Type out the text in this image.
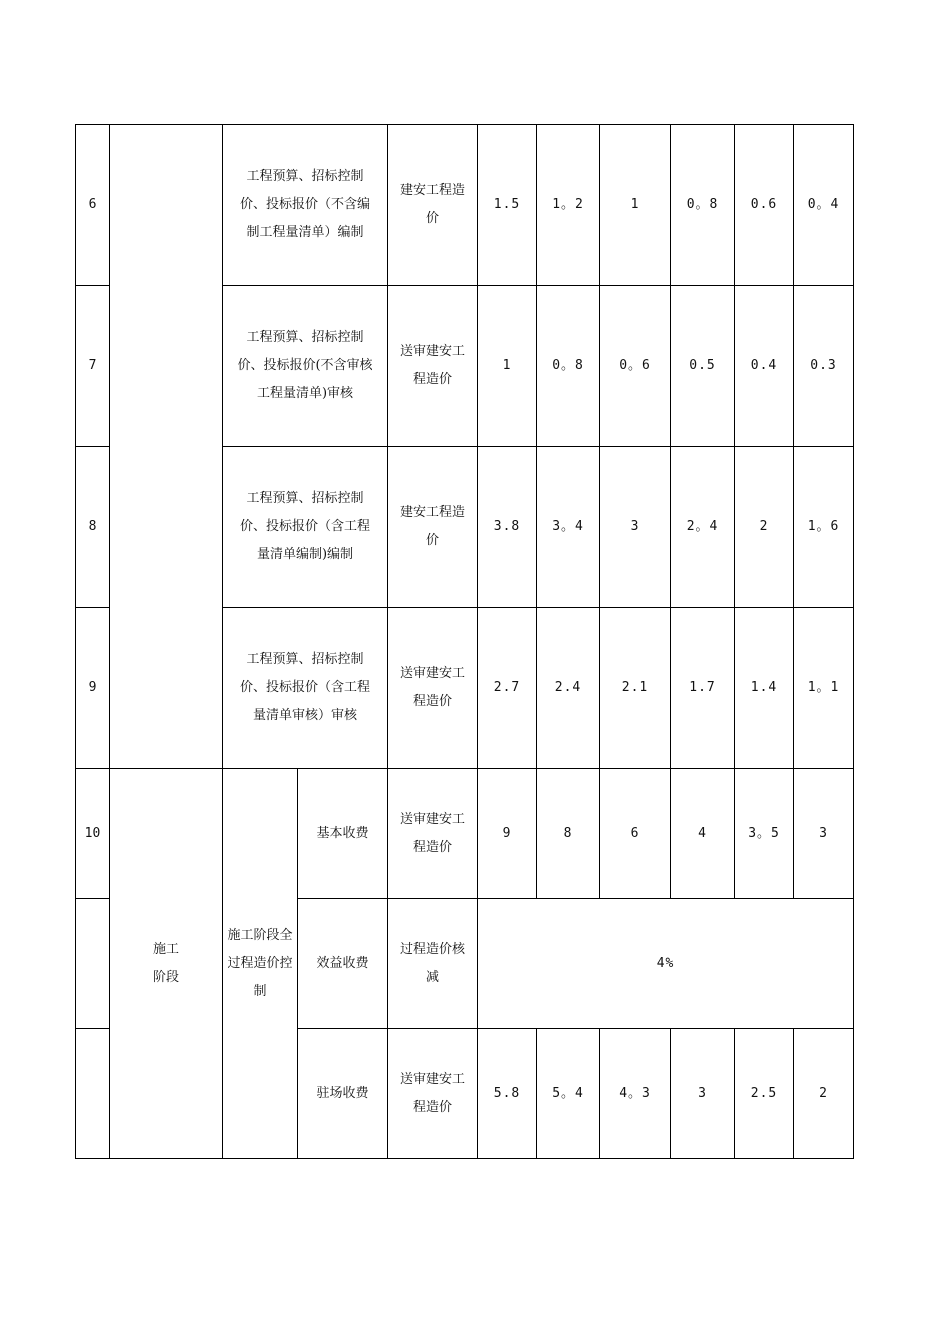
6		工程预算、招标控制价、投标报价（不含编制工程量清单）编制		建安工程造价	1.5	1。2	1	0。8	0.6	0。4
7		工程预算、招标控制价、投标报价(不含审核工程量清单)审核		送审建安工程造价	1	0。8	0。6	0.5	0.4	0.3
8		工程预算、招标控制价、投标报价（含工程量清单编制)编制		建安工程造价	3.8	3。4	3	2。4	2	1。6
9		工程预算、招标控制价、投标报价（含工程量清单审核）审核		送审建安工程造价	2.7	2.4	2.1	1.7	1.4	1。1
10	施工阶段	施工阶段全过程造价控制	基本收费	送审建安工程造价	9	8	6	4	3。5	3
			效益收费	过程造价核减	4%					
			驻场收费	送审建安工程造价	5.8	5。4	4。3	3	2.5	2
